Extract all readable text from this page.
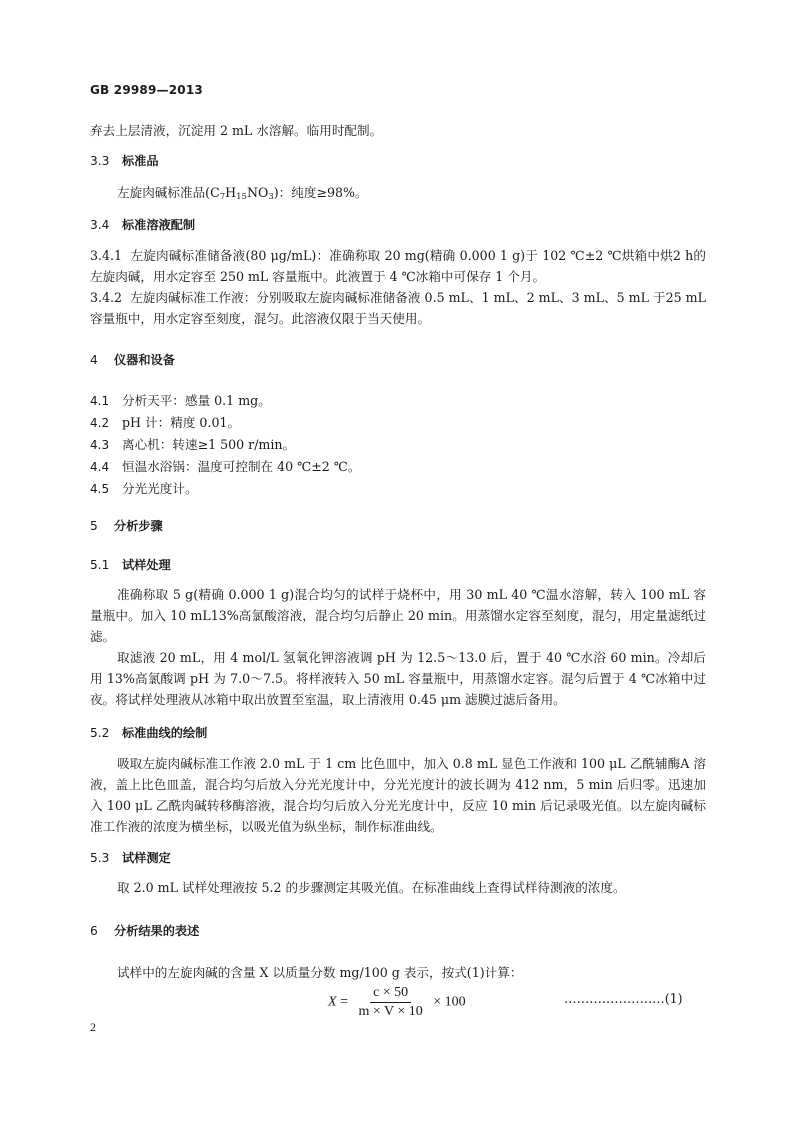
GB 29989—2013

弃去上层清液，沉淀用 2 mL 水溶解。临用时配制。

3.3 标准品

左旋肉碱标准品$(C_7H_{15}NO_3)$：纯度≥98%。

3.4 标准溶液配制

3.4.1 左旋肉碱标准储备液(80 μg/mL)：准确称取 20 mg(精确 0.000 1 g)于 102 ℃±2 ℃烘箱中烘2 h的左旋肉碱，用水定容至 250 mL 容量瓶中。此液置于 4 ℃冰箱中可保存 1 个月。

3.4.2 左旋肉碱标准工作液：分别吸取左旋肉碱标准储备液 0.5 mL、1 mL、2 mL、3 mL、5 mL 于25 mL容量瓶中，用水定容至刻度，混匀。此溶液仅限于当天使用。

4 仪器和设备

4.1 分析天平：感量 0.1 mg。

4.2 pH 计：精度 0.01。

4.3 离心机：转速≥1 500 r/min。

4.4 恒温水浴锅：温度可控制在 40 ℃±2 ℃。

4.5 分光光度计。

5 分析步骤

5.1 试样处理

准确称取 5 g(精确 0.000 1 g)混合均匀的试样于烧杯中，用 30 mL 40 ℃温水溶解，转入 100 mL 容量瓶中。加入 10 mL13%高氯酸溶液，混合均匀后静止 20 min。用蒸馏水定容至刻度，混匀，用定量滤纸过滤。

取滤液 20 mL，用 4 mol/L 氢氧化钾溶液调 pH 为 12.5～13.0 后，置于 40 ℃水浴 60 min。冷却后用 13%高氯酸调 pH 为 7.0～7.5。将样液转入 50 mL 容量瓶中，用蒸馏水定容。混匀后置于 4 ℃冰箱中过夜。将试样处理液从冰箱中取出放置至室温，取上清液用 0.45 μm 滤膜过滤后备用。

5.2 标准曲线的绘制

吸取左旋肉碱标准工作液 2.0 mL 于 1 cm 比色皿中，加入 0.8 mL 显色工作液和 100 μL 乙酰辅酶A 溶液，盖上比色皿盖，混合均匀后放入分光光度计中，分光光度计的波长调为 412 nm，5 min 后归零。迅速加入 100 μL 乙酰肉碱转移酶溶液，混合均匀后放入分光光度计中，反应 10 min 后记录吸光值。以左旋肉碱标准工作液的浓度为横坐标，以吸光值为纵坐标，制作标准曲线。

5.3 试样测定

取 2.0 mL 试样处理液按 5.2 的步骤测定其吸光值。在标准曲线上查得试样待测液的浓度。

6 分析结果的表述

试样中的左旋肉碱的含量 X 以质量分数 mg/100 g 表示，按式(1)计算：

$X = \frac{c \times 50}{m \times V \times 10} \times 100$	……………………(1)
2
